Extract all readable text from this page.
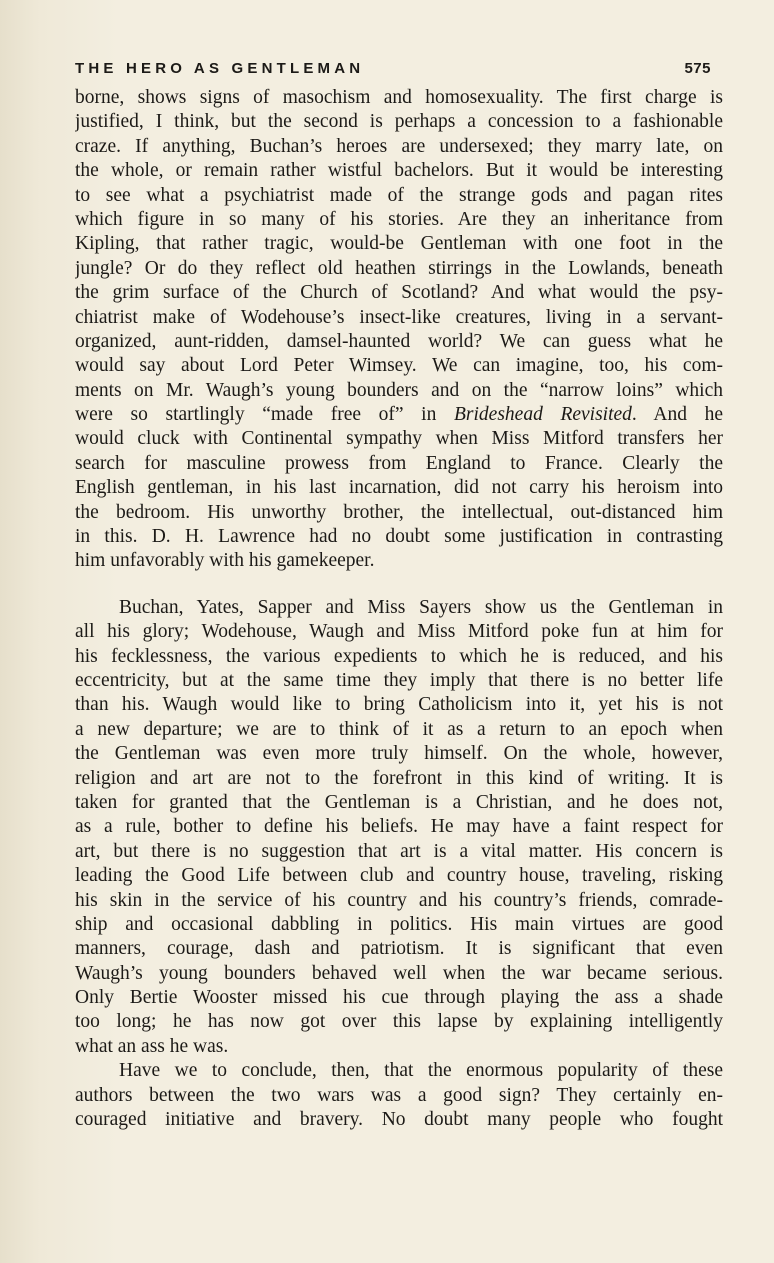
THE HERO AS GENTLEMAN	575
borne, shows signs of masochism and homosexuality. The first charge is
justified, I think, but the second is perhaps a concession to a fashionable
craze. If anything, Buchan’s heroes are undersexed; they marry late, on
the whole, or remain rather wistful bachelors. But it would be interesting
to see what a psychiatrist made of the strange gods and pagan rites
which figure in so many of his stories. Are they an inheritance from
Kipling, that rather tragic, would-be Gentleman with one foot in the
jungle? Or do they reflect old heathen stirrings in the Lowlands, beneath
the grim surface of the Church of Scotland? And what would the psy-
chiatrist make of Wodehouse’s insect-like creatures, living in a servant-
organized, aunt-ridden, damsel-haunted world? We can guess what he
would say about Lord Peter Wimsey. We can imagine, too, his com-
ments on Mr. Waugh’s young bounders and on the “narrow loins” which
were so startlingly “made free of” in Brideshead Revisited. And he
would cluck with Continental sympathy when Miss Mitford transfers her
search for masculine prowess from England to France. Clearly the
English gentleman, in his last incarnation, did not carry his heroism into
the bedroom. His unworthy brother, the intellectual, out-distanced him
in this. D. H. Lawrence had no doubt some justification in contrasting
him unfavorably with his gamekeeper.
Buchan, Yates, Sapper and Miss Sayers show us the Gentleman in
all his glory; Wodehouse, Waugh and Miss Mitford poke fun at him for
his fecklessness, the various expedients to which he is reduced, and his
eccentricity, but at the same time they imply that there is no better life
than his. Waugh would like to bring Catholicism into it, yet his is not
a new departure; we are to think of it as a return to an epoch when
the Gentleman was even more truly himself. On the whole, however,
religion and art are not to the forefront in this kind of writing. It is
taken for granted that the Gentleman is a Christian, and he does not,
as a rule, bother to define his beliefs. He may have a faint respect for
art, but there is no suggestion that art is a vital matter. His concern is
leading the Good Life between club and country house, traveling, risking
his skin in the service of his country and his country’s friends, comrade-
ship and occasional dabbling in politics. His main virtues are good
manners, courage, dash and patriotism. It is significant that even
Waugh’s young bounders behaved well when the war became serious.
Only Bertie Wooster missed his cue through playing the ass a shade
too long; he has now got over this lapse by explaining intelligently
what an ass he was.
Have we to conclude, then, that the enormous popularity of these
authors between the two wars was a good sign? They certainly en-
couraged initiative and bravery. No doubt many people who fought
